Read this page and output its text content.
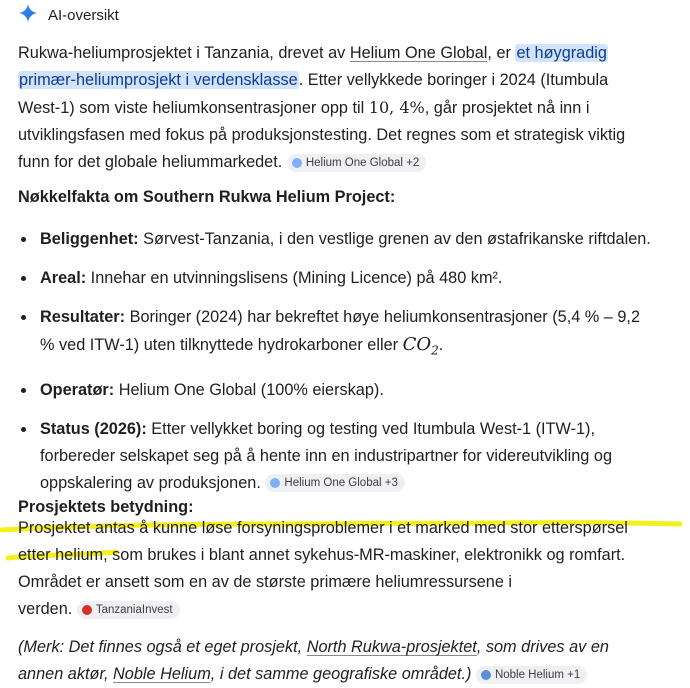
AI-oversikt
Rukwa-heliumprosjektet i Tanzania, drevet av Helium One Global, er et høygradig
primær-heliumprosjekt i verdensklasse. Etter vellykkede boringer i 2024 (Itumbula
West-1) som viste heliumkonsentrasjoner opp til 10, 4%, går prosjektet nå inn i
utviklingsfasen med fokus på produksjonstesting. Det regnes som et strategisk viktig
funn for det globale heliummarkedet. Helium One Global +2
Nøkkelfakta om Southern Rukwa Helium Project:
Beliggenhet: Sørvest-Tanzania, i den vestlige grenen av den østafrikanske riftdalen.
Areal: Innehar en utvinningslisens (Mining Licence) på 480 km².
Resultater: Boringer (2024) har bekreftet høye heliumkonsentrasjoner (5,4 % – 9,2
% ved ITW-1) uten tilknyttede hydrokarboner eller $CO_2$.
Operatør: Helium One Global (100% eierskap).
Status (2026): Etter vellykket boring og testing ved Itumbula West-1 (ITW-1),
forbereder selskapet seg på å hente inn en industripartner for videreutvikling og
oppskalering av produksjonen. Helium One Global +3
Prosjektets betydning:
Prosjektet antas å kunne løse forsyningsproblemer i et marked med stor etterspørsel
etter helium, som brukes i blant annet sykehus-MR-maskiner, elektronikk og romfart.
Området er ansett som en av de største primære heliumressursene i
verden. TanzaniaInvest
(Merk: Det finnes også et eget prosjekt, North Rukwa-prosjektet, som drives av en
annen aktør, Noble Helium, i det samme geografiske området.) Noble Helium +1
